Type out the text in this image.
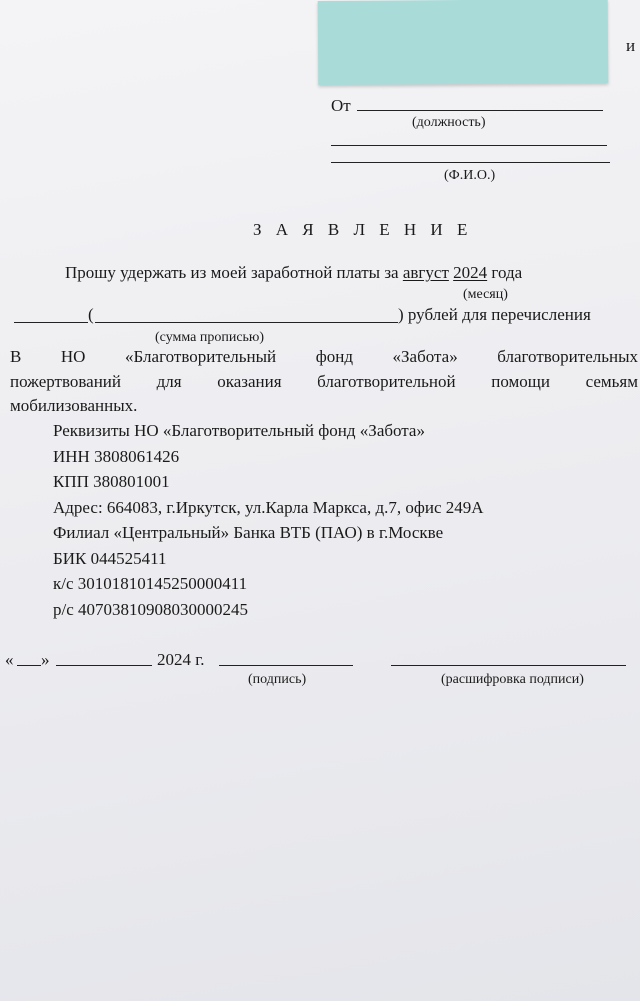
и
От
(должность)
(Ф.И.О.)
З А Я В Л Е Н И Е
Прошу удержать из моей заработной платы за август 2024 года
(месяц)
(	) рублей для перечисления
(сумма прописью)
В НО «Благотворительный фонд «Забота» благотворительных
пожертвований для оказания благотворительной помощи семьям
мобилизованных.
Реквизиты НО «Благотворительный фонд «Забота»
ИНН 3808061426
КПП 380801001
Адрес: 664083, г.Иркутск, ул.Карла Маркса, д.7, офис 249А
Филиал «Центральный» Банка ВТБ (ПАО) в г.Москве
БИК 044525411
к/с 30101810145250000411
р/с 40703810908030000245
« »	2024 г.
(подпись)	(расшифровка подписи)
